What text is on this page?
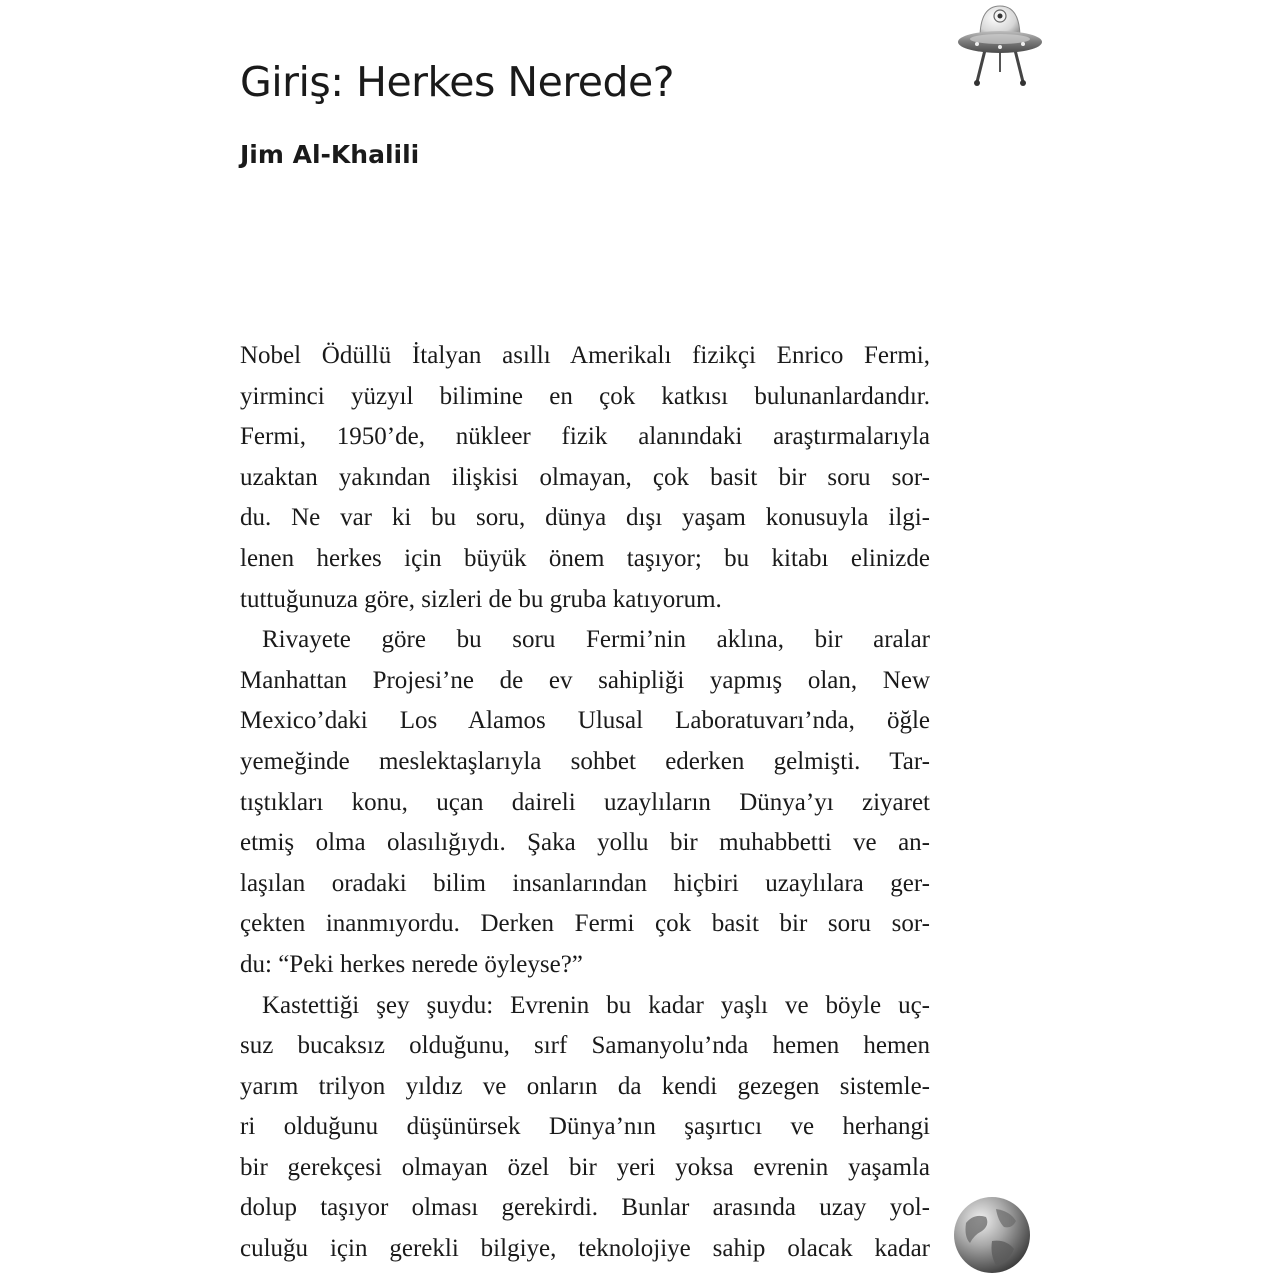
Giriş: Herkes Nerede?
Jim Al-Khalili
Nobel Ödüllü İtalyan asıllı Amerikalı fizikçi Enrico Fermi,
yirminci yüzyıl bilimine en çok katkısı bulunanlardandır.
Fermi, 1950’de, nükleer fizik alanındaki araştırmalarıyla
uzaktan yakından ilişkisi olmayan, çok basit bir soru sor-
du. Ne var ki bu soru, dünya dışı yaşam konusuyla ilgi-
lenen herkes için büyük önem taşıyor; bu kitabı elinizde
tuttuğunuza göre, sizleri de bu gruba katıyorum.
Rivayete göre bu soru Fermi’nin aklına, bir aralar
Manhattan Projesi’ne de ev sahipliği yapmış olan, New
Mexico’daki Los Alamos Ulusal Laboratuvarı’nda, öğle
yemeğinde meslektaşlarıyla sohbet ederken gelmişti. Tar-
tıştıkları konu, uçan daireli uzaylıların Dünya’yı ziyaret
etmiş olma olasılığıydı. Şaka yollu bir muhabbetti ve an-
laşılan oradaki bilim insanlarından hiçbiri uzaylılara ger-
çekten inanmıyordu. Derken Fermi çok basit bir soru sor-
du: “Peki herkes nerede öyleyse?”
Kastettiği şey şuydu: Evrenin bu kadar yaşlı ve böyle uç-
suz bucaksız olduğunu, sırf Samanyolu’nda hemen hemen
yarım trilyon yıldız ve onların da kendi gezegen sistemle-
ri olduğunu düşünürsek Dünya’nın şaşırtıcı ve herhangi
bir gerekçesi olmayan özel bir yeri yoksa evrenin yaşamla
dolup taşıyor olması gerekirdi. Bunlar arasında uzay yol-
culuğu için gerekli bilgiye, teknolojiye sahip olacak kadar
